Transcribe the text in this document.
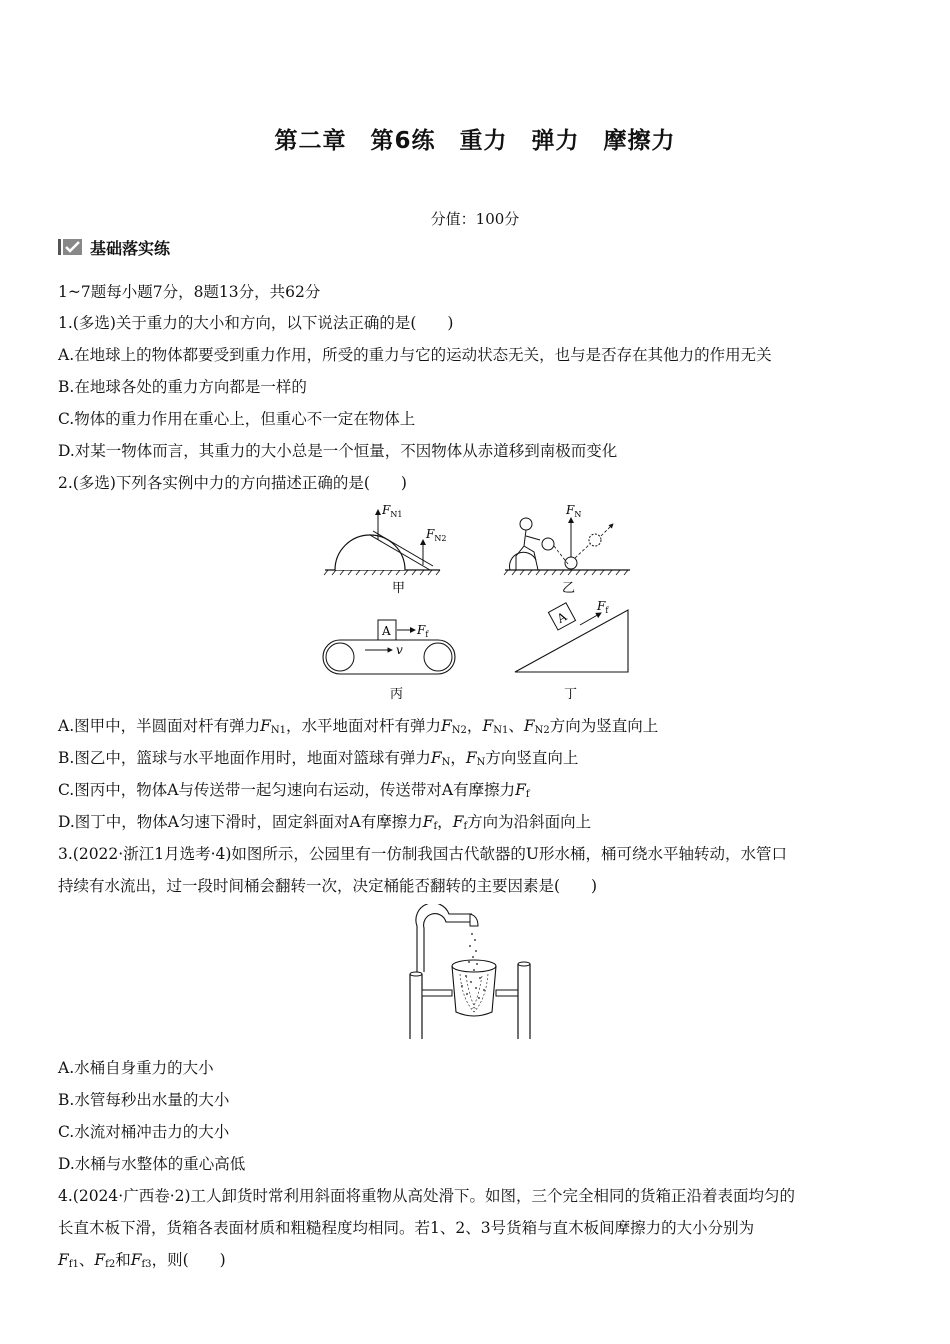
第二章　第6练　重力　弹力　摩擦力
分值：100分
基础落实练
1~7题每小题7分，8题13分，共62分
1.(多选)关于重力的大小和方向，以下说法正确的是(　　)
A.在地球上的物体都要受到重力作用，所受的重力与它的运动状态无关，也与是否存在其他力的作用无关
B.在地球各处的重力方向都是一样的
C.物体的重力作用在重心上，但重心不一定在物体上
D.对某一物体而言，其重力的大小总是一个恒量，不因物体从赤道移到南极而变化
2.(多选)下列各实例中力的方向描述正确的是(　　)
$F_{N1}$
$F_{N2}$
甲
$F_N$
乙
A $F_f$
v
丙
A
$F_f$
丁
A.图甲中，半圆面对杆有弹力$F_{N1}$，水平地面对杆有弹力$F_{N2}$，$F_{N1}$、$F_{N2}$方向为竖直向上
B.图乙中，篮球与水平地面作用时，地面对篮球有弹力$F_N$，$F_N$方向竖直向上
C.图丙中，物体A与传送带一起匀速向右运动，传送带对A有摩擦力$F_f$
D.图丁中，物体A匀速下滑时，固定斜面对A有摩擦力$F_f$，$F_f$方向为沿斜面向上
3.(2022·浙江1月选考·4)如图所示，公园里有一仿制我国古代欹器的U形水桶，桶可绕水平轴转动，水管口
持续有水流出，过一段时间桶会翻转一次，决定桶能否翻转的主要因素是(　　)
A.水桶自身重力的大小
B.水管每秒出水量的大小
C.水流对桶冲击力的大小
D.水桶与水整体的重心高低
4.(2024·广西卷·2)工人卸货时常利用斜面将重物从高处滑下。如图，三个完全相同的货箱正沿着表面均匀的
长直木板下滑，货箱各表面材质和粗糙程度均相同。若1、2、3号货箱与直木板间摩擦力的大小分别为
$F_{f1}$、$F_{f2}$和$F_{f3}$，则(　　)
